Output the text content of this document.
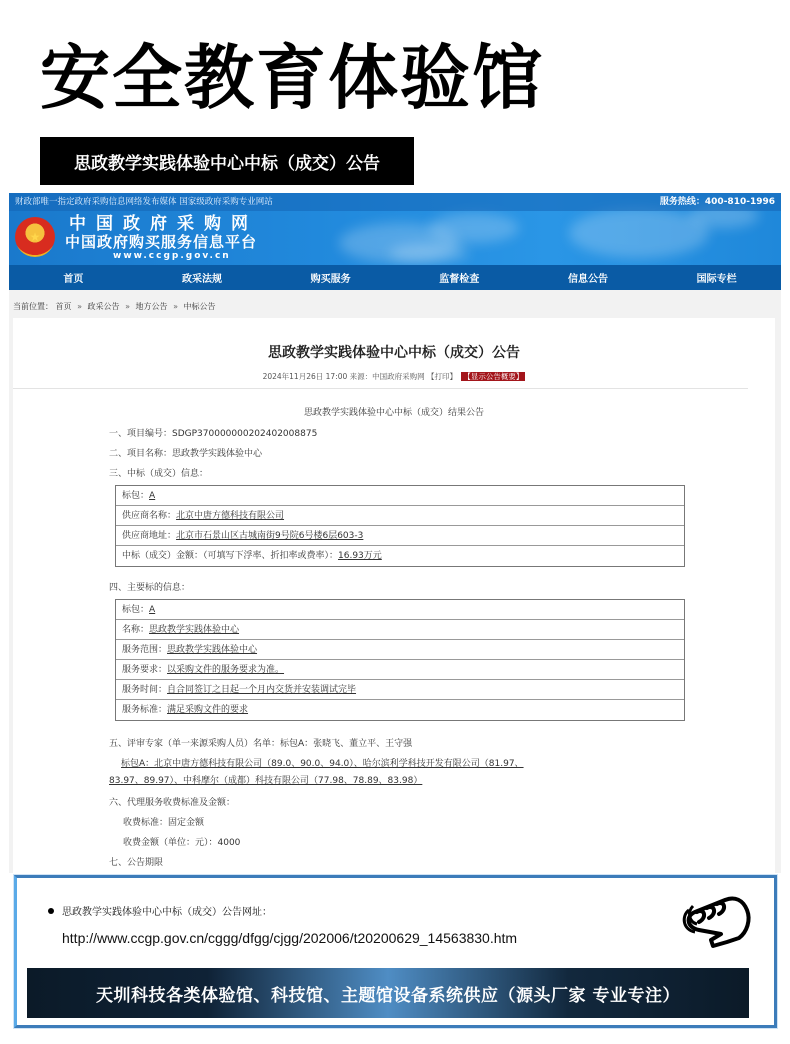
安全教育体验馆
思政教学实践体验中心中标（成交）公告
财政部唯一指定政府采购信息网络发布媒体 国家级政府采购专业网站	服务热线：400-810-1996
★
中国政府采购网
中国政府购买服务信息平台
www.ccgp.gov.cn
首页	政采法规	购买服务	监督检查	信息公告	国际专栏
当前位置： 首页 » 政采公告 » 地方公告 » 中标公告
思政教学实践体验中心中标（成交）公告
2024年11月26日 17:00 来源：中国政府采购网 【打印】 【显示公告概要】
思政教学实践体验中心中标（成交）结果公告
一、项目编号：SDGP370000000202402008875
二、项目名称：思政教学实践体验中心
三、中标（成交）信息：
标包：A
供应商名称：北京中唐方德科技有限公司
供应商地址：北京市石景山区古城南街9号院6号楼6层603-3
中标（成交）金额：（可填写下浮率、折扣率或费率）：16.93万元
四、主要标的信息：
标包：A
名称：思政教学实践体验中心
服务范围：思政教学实践体验中心
服务要求：以采购文件的服务要求为准。
服务时间：自合同签订之日起一个月内交货并安装调试完毕
服务标准：满足采购文件的要求
五、评审专家（单一来源采购人员）名单：标包A：张晓飞、董立平、王守强
标包A：北京中唐方德科技有限公司（89.0、90.0、94.0）、哈尔滨利学科技开发有限公司（81.97、
83.97、89.97）、中科摩尔（成都）科技有限公司（77.98、78.89、83.98）
六、代理服务收费标准及金额：
收费标准：固定金额
收费金额（单位：元）：4000
七、公告期限
思政教学实践体验中心中标（成交）公告网址：
http://www.ccgp.gov.cn/cggg/dfgg/cjgg/202006/t20200629_14563830.htm
天圳科技各类体验馆、科技馆、主题馆设备系统供应（源头厂家 专业专注）
